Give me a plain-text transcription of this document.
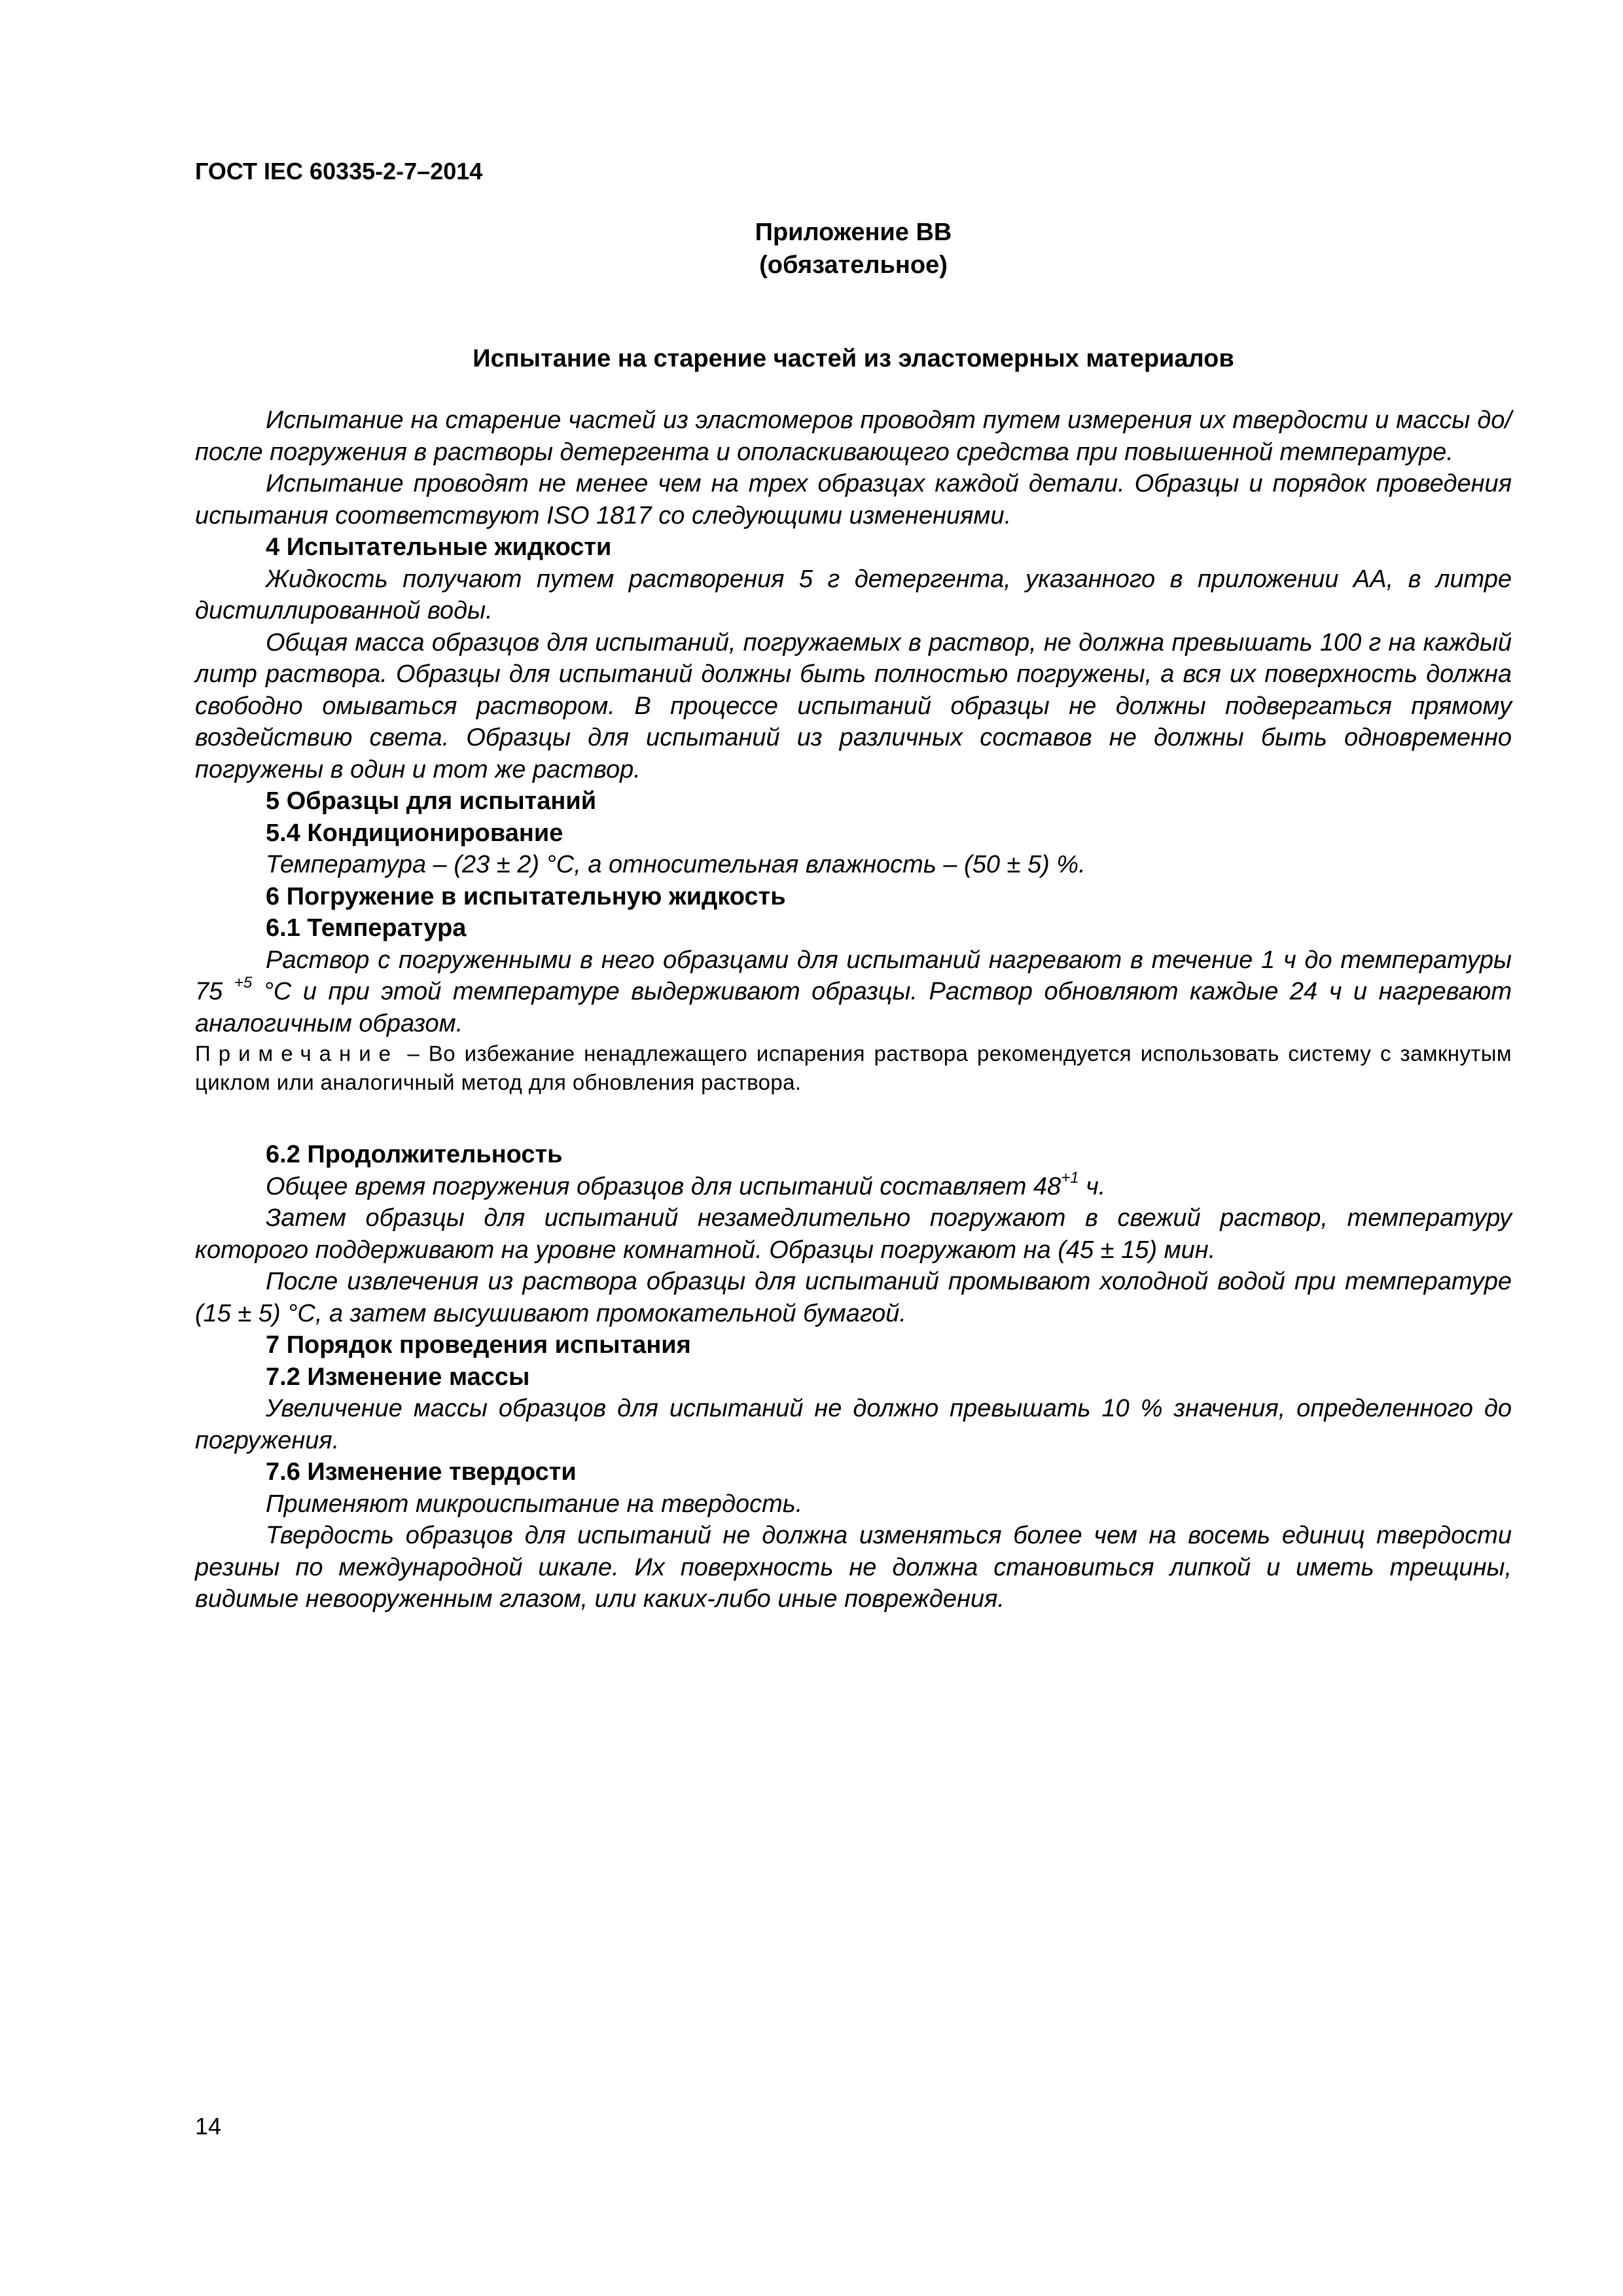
ГОСТ IEC 60335-2-7–2014
Приложение ВВ
(обязательное)
Испытание на старение частей из эластомерных материалов

Испытание на старение частей из эластомеров проводят путем измерения их твердости и массы до/после погружения в растворы детергента и ополаскивающего средства при повышенной температуре.

Испытание проводят не менее чем на трех образцах каждой детали. Образцы и порядок проведения испытания соответствуют ISO 1817 со следующими изменениями.

4 Испытательные жидкости

Жидкость получают путем растворения 5 г детергента, указанного в приложении АА, в литре дистиллированной воды.

Общая масса образцов для испытаний, погружаемых в раствор, не должна превышать 100 г на каждый литр раствора. Образцы для испытаний должны быть полностью погружены, а вся их поверхность должна свободно омываться раствором. В процессе испытаний образцы не должны подвергаться прямому воздействию света. Образцы для испытаний из различных составов не должны быть одновременно погружены в один и тот же раствор.

5 Образцы для испытаний

5.4 Кондиционирование

Температура – (23 ± 2) °С, а относительная влажность – (50 ± 5) %.

6 Погружение в испытательную жидкость

6.1 Температура

Раствор с погруженными в него образцами для испытаний нагревают в течение 1 ч до температуры 75 $^{+5}$ °С и при этой температуре выдерживают образцы. Раствор обновляют каждые 24 ч и нагревают аналогичным образом.

Примечание – Во избежание ненадлежащего испарения раствора рекомендуется использовать систему с замкнутым циклом или аналогичный метод для обновления раствора.

6.2 Продолжительность

Общее время погружения образцов для испытаний составляет $48^{+1}$ ч.

Затем образцы для испытаний незамедлительно погружают в свежий раствор, температуру которого поддерживают на уровне комнатной. Образцы погружают на (45 ± 15) мин.

После извлечения из раствора образцы для испытаний промывают холодной водой при температуре (15 ± 5) °С, а затем высушивают промокательной бумагой.

7 Порядок проведения испытания

7.2 Изменение массы

Увеличение массы образцов для испытаний не должно превышать 10 % значения, определенного до погружения.

7.6 Изменение твердости

Применяют микроиспытание на твердость.

Твердость образцов для испытаний не должна изменяться более чем на восемь единиц твердости резины по международной шкале. Их поверхность не должна становиться липкой и иметь трещины, видимые невооруженным глазом, или каких-либо иные повреждения.

14
